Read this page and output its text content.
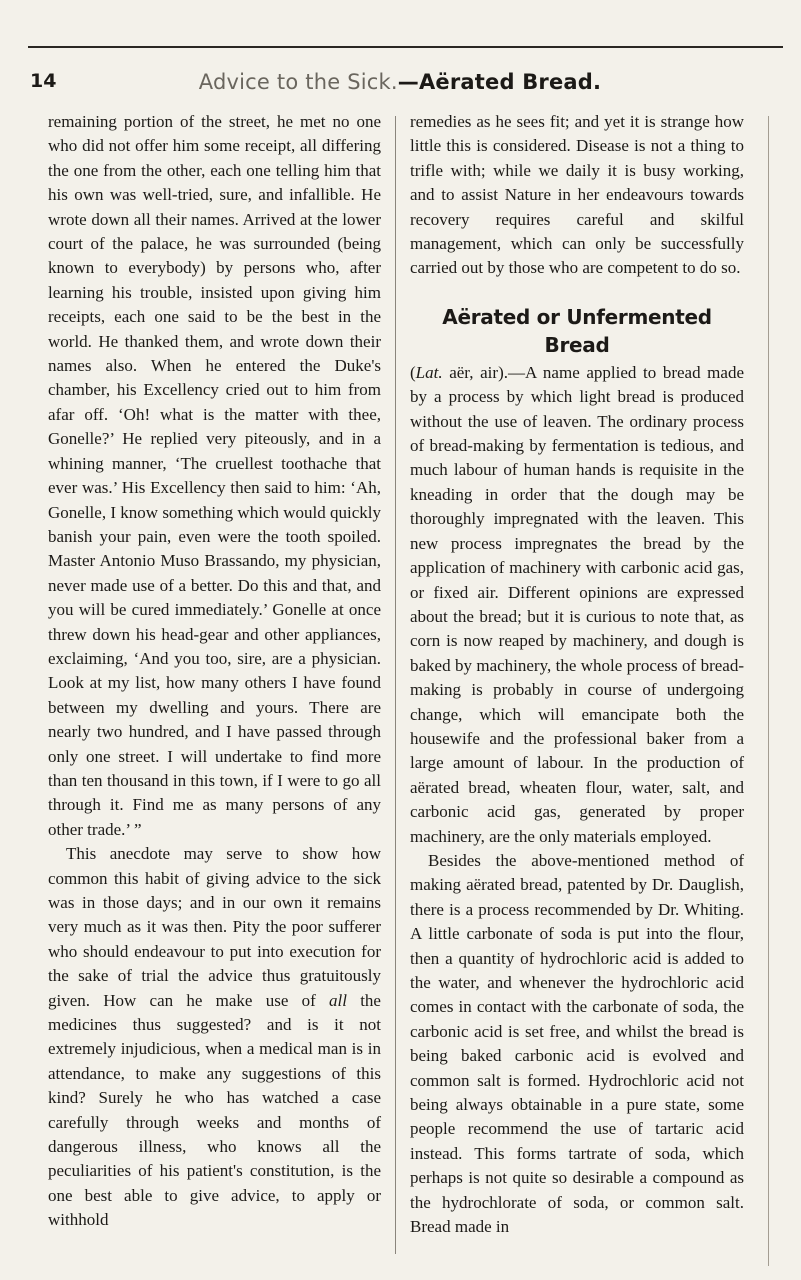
14	Advice to the Sick.—Aërated Bread.

remaining portion of the street, he met no one who did not offer him some receipt, all differing the one from the other, each one telling him that his own was well-tried, sure, and infallible. He wrote down all their names. Arrived at the lower court of the palace, he was surrounded (being known to everybody) by persons who, after learning his trouble, insisted upon giving him receipts, each one said to be the best in the world. He thanked them, and wrote down their names also. When he entered the Duke's chamber, his Excellency cried out to him from afar off. ‘Oh! what is the matter with thee, Gonelle?’ He replied very piteously, and in a whining manner, ‘The cruellest toothache that ever was.’ His Excellency then said to him: ‘Ah, Gonelle, I know something which would quickly banish your pain, even were the tooth spoiled. Master Antonio Muso Brassando, my physician, never made use of a better. Do this and that, and you will be cured immediately.’ Gonelle at once threw down his head-gear and other appliances, exclaiming, ‘And you too, sire, are a physician. Look at my list, how many others I have found between my dwelling and yours. There are nearly two hundred, and I have passed through only one street. I will undertake to find more than ten thousand in this town, if I were to go all through it. Find me as many persons of any other trade.’ ”

This anecdote may serve to show how common this habit of giving advice to the sick was in those days; and in our own it remains very much as it was then. Pity the poor sufferer who should endeavour to put into execution for the sake of trial the advice thus gratuitously given. How can he make use of all the medicines thus suggested? and is it not extremely injudicious, when a medical man is in attendance, to make any suggestions of this kind? Surely he who has watched a case carefully through weeks and months of dangerous illness, who knows all the peculiarities of his patient's constitution, is the one best able to give advice, to apply or withhold

remedies as he sees fit; and yet it is strange how little this is considered. Disease is not a thing to trifle with; while we daily it is busy working, and to assist Nature in her endeavours towards recovery requires careful and skilful management, which can only be successfully carried out by those who are competent to do so.

Aërated or Unfermented Bread

(Lat. aër, air).—A name applied to bread made by a process by which light bread is produced without the use of leaven. The ordinary process of bread-making by fermentation is tedious, and much labour of human hands is requisite in the kneading in order that the dough may be thoroughly impregnated with the leaven. This new process impregnates the bread by the application of machinery with carbonic acid gas, or fixed air. Different opinions are expressed about the bread; but it is curious to note that, as corn is now reaped by machinery, and dough is baked by machinery, the whole process of bread-making is probably in course of undergoing change, which will emancipate both the housewife and the professional baker from a large amount of labour. In the production of aërated bread, wheaten flour, water, salt, and carbonic acid gas, generated by proper machinery, are the only materials employed.

Besides the above-mentioned method of making aërated bread, patented by Dr. Dauglish, there is a process recommended by Dr. Whiting. A little carbonate of soda is put into the flour, then a quantity of hydrochloric acid is added to the water, and whenever the hydrochloric acid comes in contact with the carbonate of soda, the carbonic acid is set free, and whilst the bread is being baked carbonic acid is evolved and common salt is formed. Hydrochloric acid not being always obtainable in a pure state, some people recommend the use of tartaric acid instead. This forms tartrate of soda, which perhaps is not quite so desirable a compound as the hydrochlorate of soda, or common salt. Bread made in
